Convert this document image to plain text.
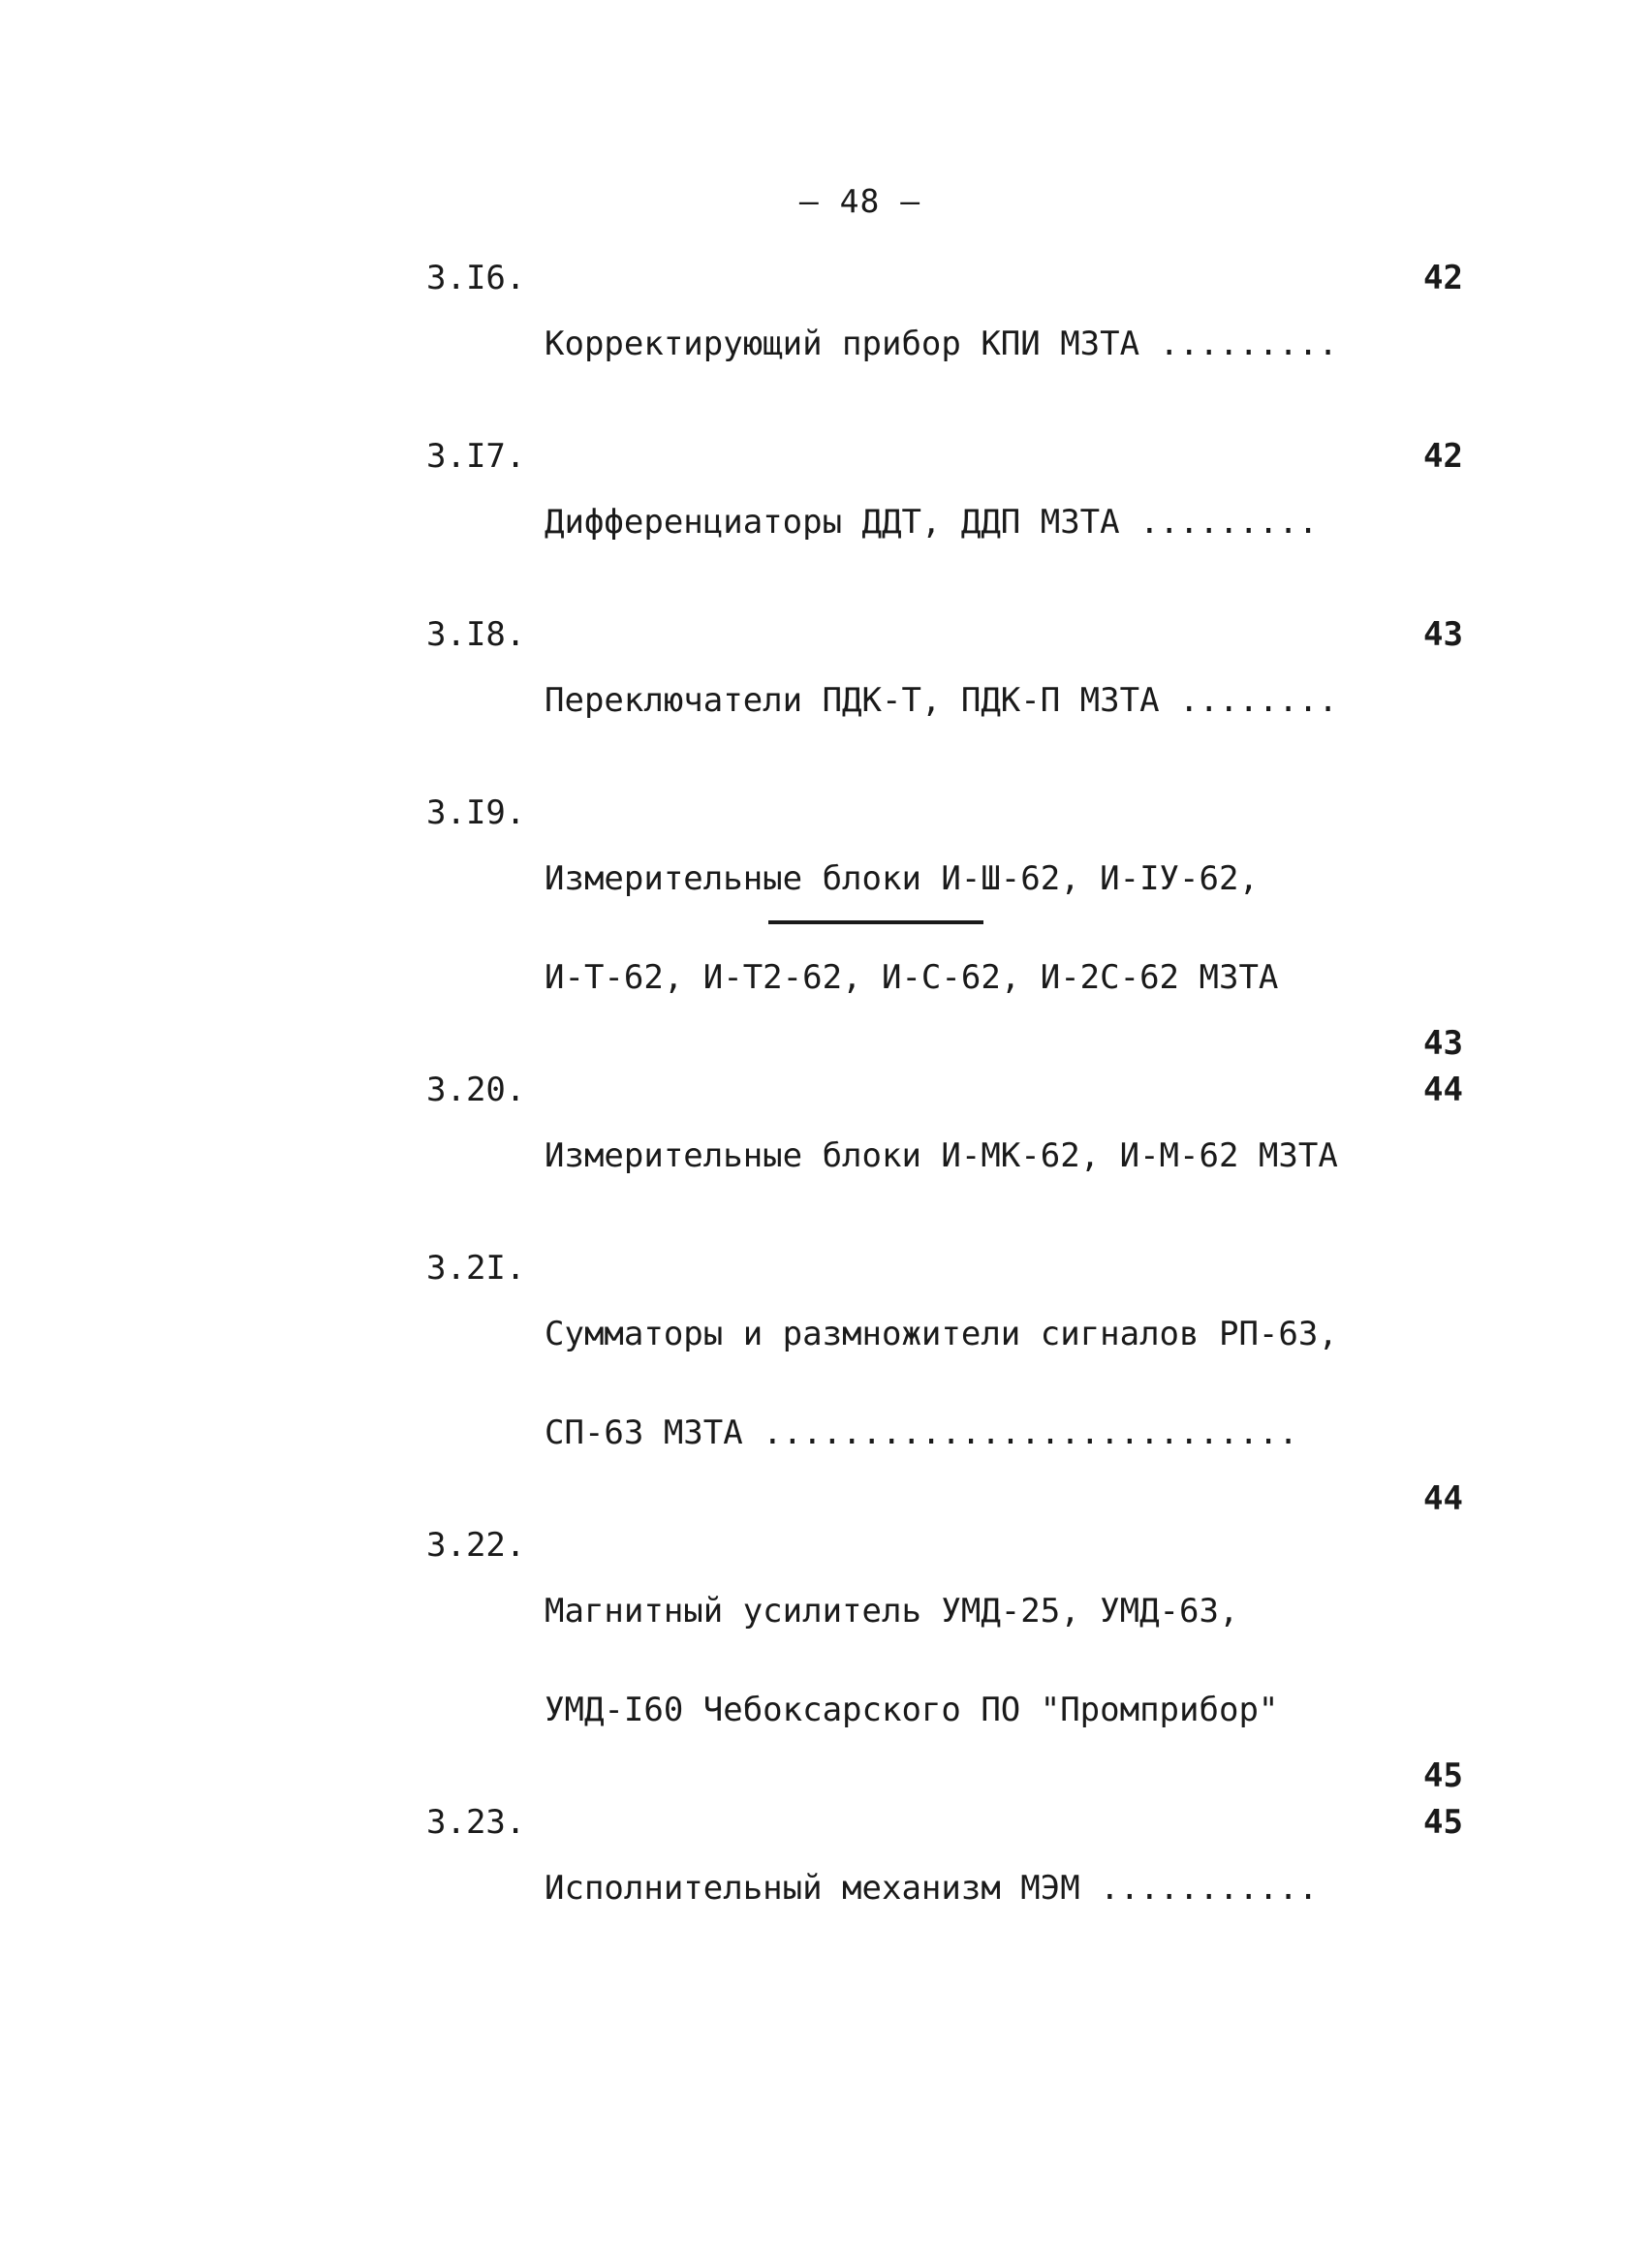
– 48 –
3.I6.

Корректирующий прибор КПИ МЗТА .........

42
3.I7.

Дифференциаторы ДДТ, ДДП МЗТА .........

42
3.I8.

Переключатели ПДК-Т, ПДК-П МЗТА ........

43
3.I9.

Измерительные блоки И-Ш-62, И-IУ-62,

И-Т-62, И-Т2-62, И-С-62, И-2С-62 МЗТА

43
3.20.

Измерительные блоки И-МК-62, И-М-62 МЗТА

44
3.2I.

Сумматоры и размножители сигналов РП-63,

СП-63 МЗТА ...........................

44
3.22.

Магнитный усилитель УМД-25, УМД-63,

УМД-I60 Чебоксарского ПО "Промприбор"

45
3.23.

Исполнительный механизм МЭМ ...........

45
